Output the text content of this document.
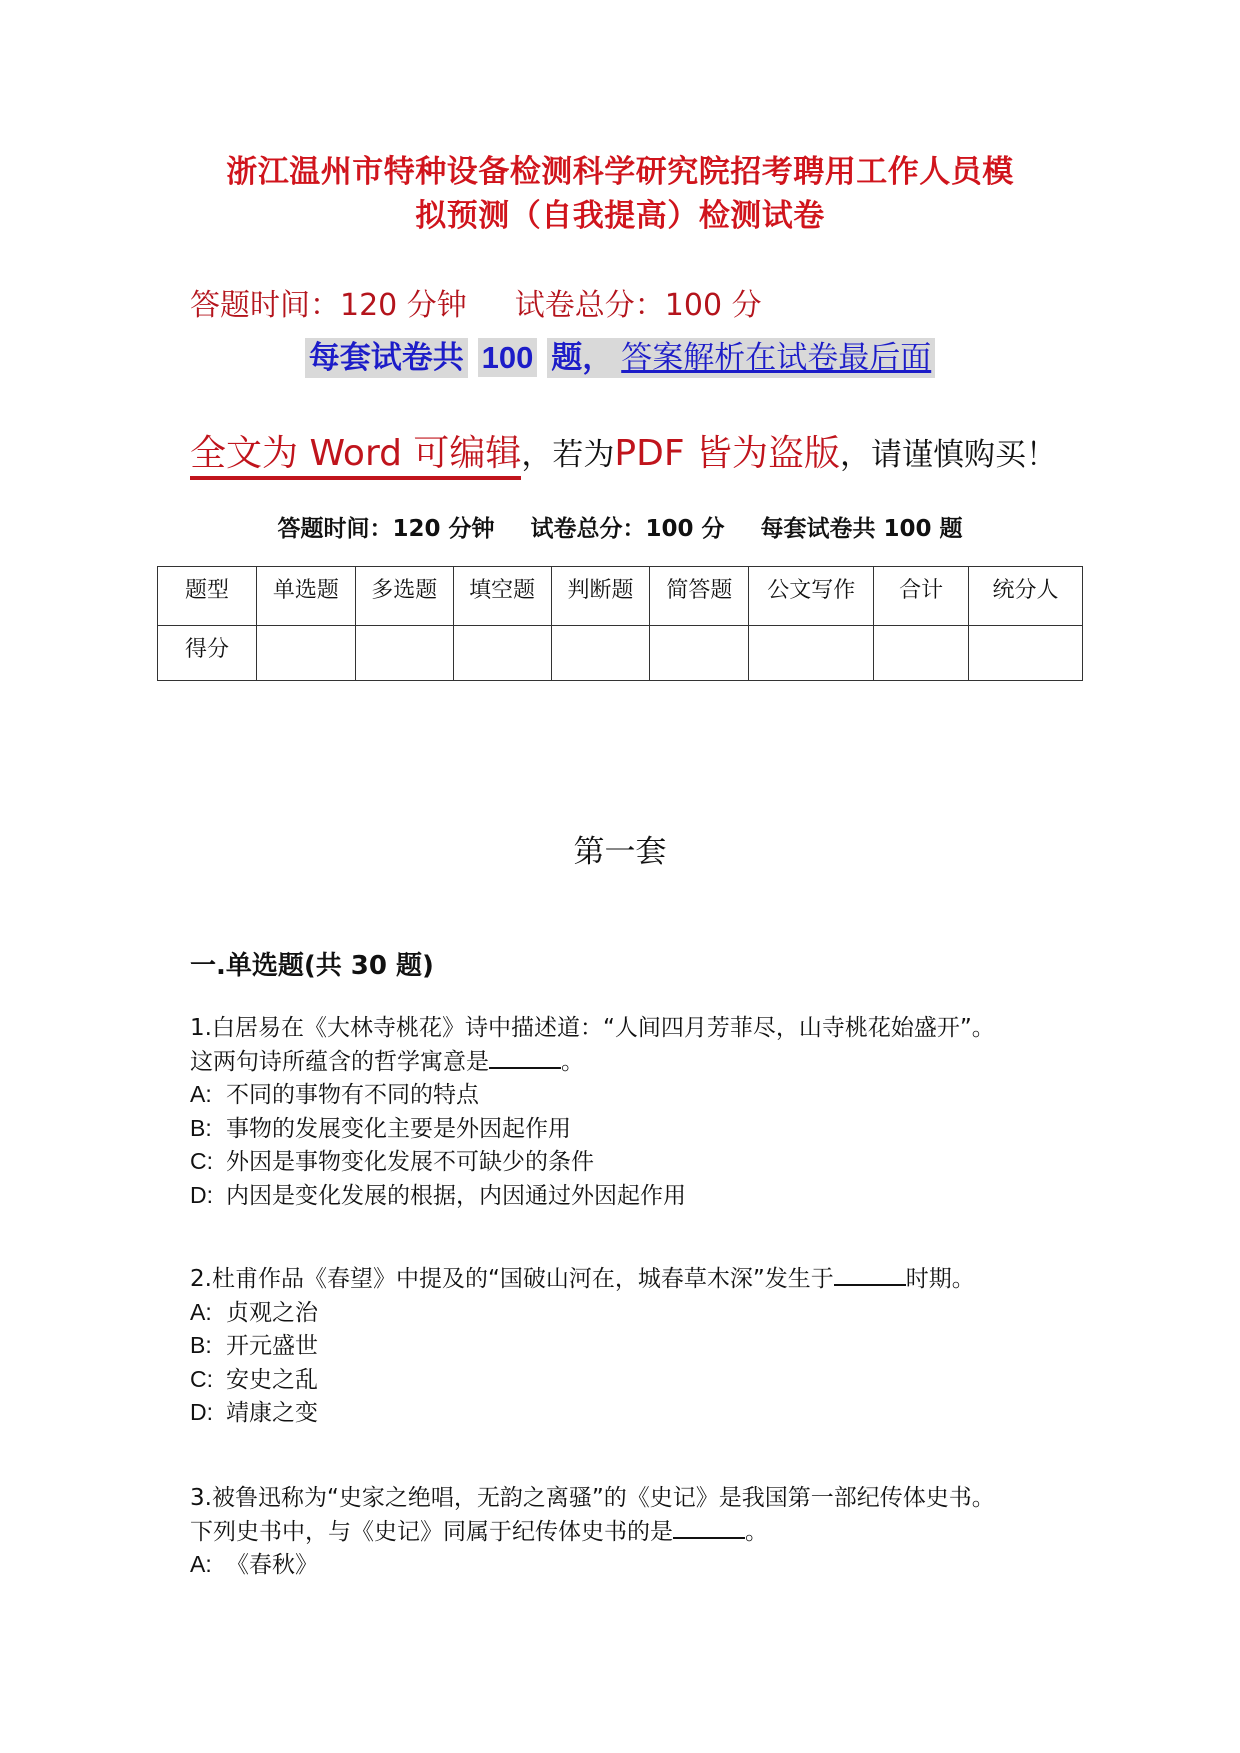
浙江温州市特种设备检测科学研究院招考聘用工作人员模
拟预测（自我提高）检测试卷
答题时间：120 分钟 试卷总分：100 分
每套试卷共 100 题， 答案解析在试卷最后面
全文为 Word 可编辑，若为PDF 皆为盗版，请谨慎购买！
答题时间：120 分钟 试卷总分：100 分 每套试卷共 100 题
题型	单选题	多选题	填空题	判断题	简答题	公文写作	合计	统分人
得分								
第一套
一.单选题(共 30 题)

1.白居易在《大林寺桃花》诗中描述道：“人间四月芳菲尽，山寺桃花始盛开”。

这两句诗所蕴含的哲学寓意是	。

A: 不同的事物有不同的特点

B: 事物的发展变化主要是外因起作用

C: 外因是事物变化发展不可缺少的条件

D: 内因是变化发展的根据，内因通过外因起作用

2.杜甫作品《春望》中提及的“国破山河在，城春草木深”发生于	时期。

A: 贞观之治

B: 开元盛世

C: 安史之乱

D: 靖康之变

3.被鲁迅称为“史家之绝唱，无韵之离骚”的《史记》是我国第一部纪传体史书。

下列史书中，与《史记》同属于纪传体史书的是	。

A: 《春秋》
